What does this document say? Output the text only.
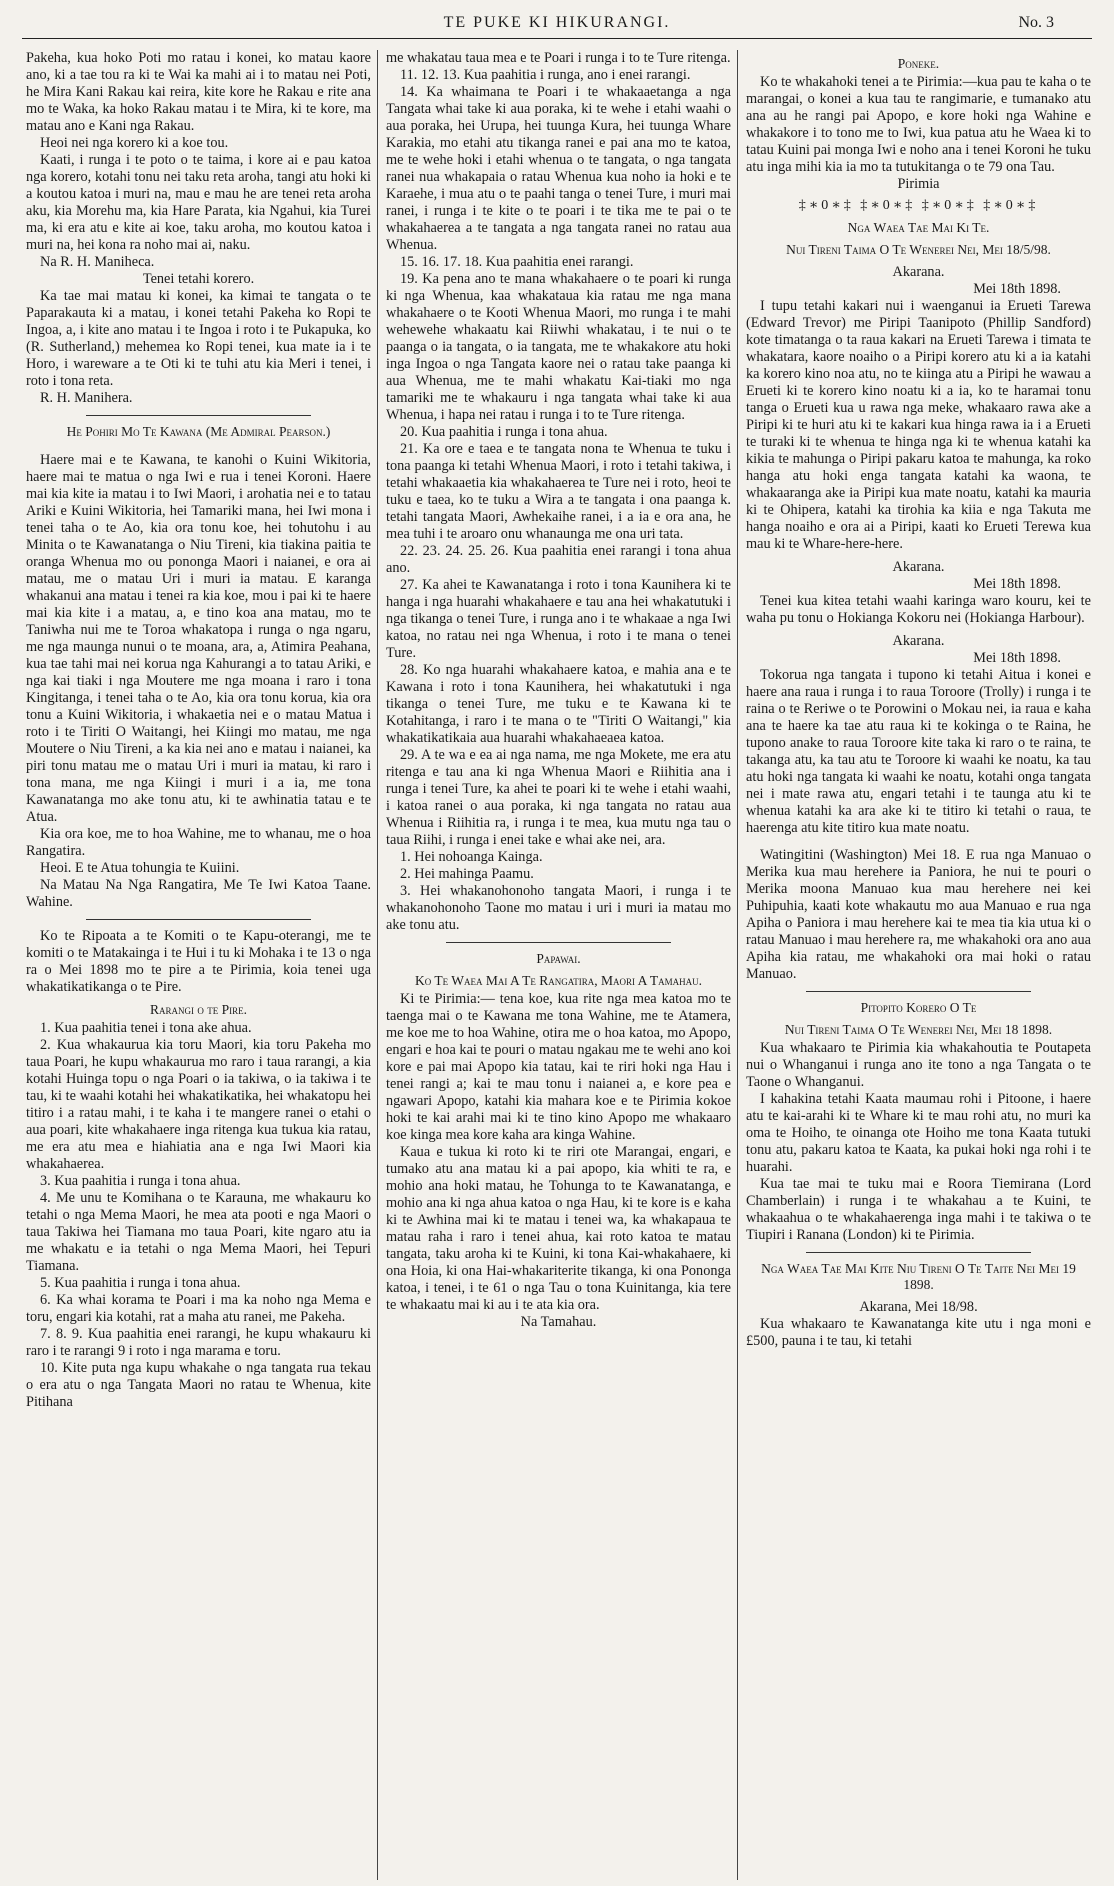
TE PUKE KI HIKURANGI.	No. 3

Pakeha, kua hoko Poti mo ratau i konei, ko matau kaore ano, ki a tae tou ra ki te Wai ka mahi ai i to matau nei Poti, he Mira Kani Rakau kai reira, kite kore he Rakau e rite ana mo te Waka, ka hoko Rakau matau i te Mira, ki te kore, ma matau ano e Kani nga Rakau.

Heoi nei nga korero ki a koe tou.

Kaati, i runga i te poto o te taima, i kore ai e pau katoa nga korero, kotahi tonu nei taku reta aroha, tangi atu hoki ki a koutou katoa i muri na, mau e mau he are tenei reta aroha aku, kia Morehu ma, kia Hare Parata, kia Ngahui, kia Turei ma, ki era atu e kite ai koe, taku aroha, mo koutou katoa i muri na, hei kona ra noho mai ai, naku.

Na R. H. Maniheca.

Tenei tetahi korero.

Ka tae mai matau ki konei, ka kimai te tangata o te Paparakauta ki a matau, i konei tetahi Pakeha ko Ropi te Ingoa, a, i kite ano matau i te Ingoa i roto i te Pukapuka, ko (R. Sutherland,) mehemea ko Ropi tenei, kua mate ia i te Horo, i wareware a te Oti ki te tuhi atu kia Meri i tenei, i roto i tona reta.

R. H. Manihera.

He Pohiri Mo Te Kawana (Me Admiral Pearson.)

Haere mai e te Kawana, te kanohi o Kuini Wikitoria, haere mai te matua o nga Iwi e rua i tenei Koroni. Haere mai kia kite ia matau i to Iwi Maori, i arohatia nei e to tatau Ariki e Kuini Wikitoria, hei Tamariki mana, hei Iwi mona i tenei taha o te Ao, kia ora tonu koe, hei tohutohu i au Minita o te Kawanatanga o Niu Tireni, kia tiakina paitia te oranga Whenua mo ou pononga Maori i naianei, e ora ai matau, me o matau Uri i muri ia matau. E karanga whakanui ana matau i tenei ra kia koe, mou i pai ki te haere mai kia kite i a matau, a, e tino koa ana matau, mo te Taniwha nui me te Toroa whakatopa i runga o nga ngaru, me nga maunga nunui o te moana, ara, a, Atimira Peahana, kua tae tahi mai nei korua nga Kahurangi a to tatau Ariki, e nga kai tiaki i nga Moutere me nga moana i raro i tona Kingitanga, i tenei taha o te Ao, kia ora tonu korua, kia ora tonu a Kuini Wikitoria, i whakaetia nei e o matau Matua i roto i te Tiriti O Waitangi, hei Kiingi mo matau, me nga Moutere o Niu Tireni, a ka kia nei ano e matau i naianei, ka piri tonu matau me o matau Uri i muri ia matau, ki raro i tona mana, me nga Kiingi i muri i a ia, me tona Kawanatanga mo ake tonu atu, ki te awhinatia tatau e te Atua.

Kia ora koe, me to hoa Wahine, me to whanau, me o hoa Rangatira.

Heoi. E te Atua tohungia te Kuiini.

Na Matau Na Nga Rangatira, Me Te Iwi Katoa Taane. Wahine.

Ko te Ripoata a te Komiti o te Kapu-oterangi, me te komiti o te Matakainga i te Hui i tu ki Mohaka i te 13 o nga ra o Mei 1898 mo te pire a te Pirimia, koia tenei uga whakatikatikanga o te Pire.

Rarangi o te Pire.

1. Kua paahitia tenei i tona ake ahua.

2. Kua whakaurua kia toru Maori, kia toru Pakeha mo taua Poari, he kupu whakaurua mo raro i taua rarangi, a kia kotahi Huinga topu o nga Poari o ia takiwa, o ia takiwa i te tau, ki te waahi kotahi hei whakatikatika, hei whakatopu hei titiro i a ratau mahi, i te kaha i te mangere ranei o etahi o aua poari, kite whakahaere inga ritenga kua tukua kia ratau, me era atu mea e hiahiatia ana e nga Iwi Maori kia whakahaerea.

3. Kua paahitia i runga i tona ahua.

4. Me unu te Komihana o te Karauna, me whakauru ko tetahi o nga Mema Maori, he mea ata pooti e nga Maori o taua Takiwa hei Tiamana mo taua Poari, kite ngaro atu ia me whakatu e ia tetahi o nga Mema Maori, hei Tepuri Tiamana.

5. Kua paahitia i runga i tona ahua.

6. Ka whai korama te Poari i ma ka noho nga Mema e toru, engari kia kotahi, rat a maha atu ranei, me Pakeha.

7. 8. 9. Kua paahitia enei rarangi, he kupu whakauru ki raro i te rarangi 9 i roto i nga marama e toru.

10. Kite puta nga kupu whakahe o nga tangata rua tekau o era atu o nga Tangata Maori no ratau te Whenua, kite Pitihana

me whakatau taua mea e te Poari i runga i to te Ture ritenga.

11. 12. 13. Kua paahitia i runga, ano i enei rarangi.

14. Ka whaimana te Poari i te whakaaetanga a nga Tangata whai take ki aua poraka, ki te wehe i etahi waahi o aua poraka, hei Urupa, hei tuunga Kura, hei tuunga Whare Karakia, mo etahi atu tikanga ranei e pai ana mo te katoa, me te wehe hoki i etahi whenua o te tangata, o nga tangata ranei nua whakapaia o ratau Whenua kua noho ia hoki e te Karaehe, i mua atu o te paahi tanga o tenei Ture, i muri mai ranei, i runga i te kite o te poari i te tika me te pai o te whakahaerea a te tangata a nga tangata ranei no ratau aua Whenua.

15. 16. 17. 18. Kua paahitia enei rarangi.

19. Ka pena ano te mana whakahaere o te poari ki runga ki nga Whenua, kaa whakataua kia ratau me nga mana whakahaere o te Kooti Whenua Maori, mo runga i te mahi wehewehe whakaatu kai Riiwhi whakatau, i te nui o te paanga o ia tangata, o ia tangata, me te whakakore atu hoki inga Ingoa o nga Tangata kaore nei o ratau take paanga ki aua Whenua, me te mahi whakatu Kai-tiaki mo nga tamariki me te whakauru i nga tangata whai take ki aua Whenua, i hapa nei ratau i runga i to te Ture ritenga.

20. Kua paahitia i runga i tona ahua.

21. Ka ore e taea e te tangata nona te Whenua te tuku i tona paanga ki tetahi Whenua Maori, i roto i tetahi takiwa, i tetahi whakaaetia kia whakahaerea te Ture nei i roto, heoi te tuku e taea, ko te tuku a Wira a te tangata i ona paanga k. tetahi tangata Maori, Awhekaihe ranei, i a ia e ora ana, he mea tuhi i te aroaro onu whanaunga me ona uri tata.

22. 23. 24. 25. 26. Kua paahitia enei rarangi i tona ahua ano.

27. Ka ahei te Kawanatanga i roto i tona Kaunihera ki te hanga i nga huarahi whakahaere e tau ana hei whakatutuki i nga tikanga o tenei Ture, i runga ano i te whakaae a nga Iwi katoa, no ratau nei nga Whenua, i roto i te mana o tenei Ture.

28. Ko nga huarahi whakahaere katoa, e mahia ana e te Kawana i roto i tona Kaunihera, hei whakatutuki i nga tikanga o tenei Ture, me tuku e te Kawana ki te Kotahitanga, i raro i te mana o te "Tiriti O Waitangi," kia whakatikatikaia aua huarahi whakahaeaea katoa.

29. A te wa e ea ai nga nama, me nga Mokete, me era atu ritenga e tau ana ki nga Whenua Maori e Riihitia ana i runga i tenei Ture, ka ahei te poari ki te wehe i etahi waahi, i katoa ranei o aua poraka, ki nga tangata no ratau aua Whenua i Riihitia ra, i runga i te mea, kua mutu nga tau o taua Riihi, i runga i enei take e whai ake nei, ara.

1. Hei nohoanga Kainga.

2. Hei mahinga Paamu.

3. Hei whakanohonoho tangata Maori, i runga i te whakanohonoho Taone mo matau i uri i muri ia matau mo ake tonu atu.

Papawai.
Ko Te Waea Mai A Te Rangatira, Maori A Tamahau.

Ki te Pirimia:— tena koe, kua rite nga mea katoa mo te taenga mai o te Kawana me tona Wahine, me te Atamera, me koe me to hoa Wahine, otira me o hoa katoa, mo Apopo, engari e hoa kai te pouri o matau ngakau me te wehi ano koi kore e pai mai Apopo kia tatau, kai te riri hoki nga Hau i tenei rangi a; kai te mau tonu i naianei a, e kore pea e ngawari Apopo, katahi kia mahara koe e te Pirimia kokoe hoki te kai arahi mai ki te tino kino Apopo me whakaaro koe kinga mea kore kaha ara kinga Wahine.

Kaua e tukua ki roto ki te riri ote Marangai, engari, e tumako atu ana matau ki a pai apopo, kia whiti te ra, e mohio ana hoki matau, he Tohunga to te Kawanatanga, e mohio ana ki nga ahua katoa o nga Hau, ki te kore is e kaha ki te Awhina mai ki te matau i tenei wa, ka whakapaua te matau raha i raro i tenei ahua, kai roto katoa te matau tangata, taku aroha ki te Kuini, ki tona Kai-whakahaere, ki ona Hoia, ki ona Hai-whakariterite tikanga, ki ona Pononga katoa, i tenei, i te 61 o nga Tau o tona Kuinitanga, kia tere te whakaatu mai ki au i te ata kia ora.

Na Tamahau.

Poneke.

Ko te whakahoki tenei a te Pirimia:—kua pau te kaha o te marangai, o konei a kua tau te rangimarie, e tumanako atu ana au he rangi pai Apopo, e kore hoki nga Wahine e whakakore i to tono me to Iwi, kua patua atu he Waea ki to tatau Kuini pai monga Iwi e noho ana i tenei Koroni he tuku atu inga mihi kia ia mo ta tutukitanga o te 79 ona Tau.

Pirimia

‡∗0∗‡ ‡∗0∗‡ ‡∗0∗‡ ‡∗0∗‡
Nga Waea Tae Mai Ki Te.
Nui Tireni Taima O Te Wenerei Nei, Mei 18/5/98.
Akarana.
Mei 18th 1898.

I tupu tetahi kakari nui i waenganui ia Erueti Tarewa (Edward Trevor) me Piripi Taanipoto (Phillip Sandford) kote timatanga o ta raua kakari na Erueti Tarewa i timata te whakatara, kaore noaiho o a Piripi korero atu ki a ia katahi ka korero kino noa atu, no te kiinga atu a Piripi he wawau a Erueti ki te korero kino noatu ki a ia, ko te haramai tonu tanga o Erueti kua u rawa nga meke, whakaaro rawa ake a Piripi ki te huri atu ki te kakari kua hinga rawa ia i a Erueti te turaki ki te whenua te hinga nga ki te whenua katahi ka kikia te mahunga o Piripi pakaru katoa te mahunga, ka roko hanga atu hoki enga tangata katahi ka waona, te whakaaranga ake ia Piripi kua mate noatu, katahi ka mauria ki te Ohipera, katahi ka tirohia ka kiia e nga Takuta me hanga noaiho e ora ai a Piripi, kaati ko Erueti Terewa kua mau ki te Whare-here-here.

Akarana.
Mei 18th 1898.

Tenei kua kitea tetahi waahi karinga waro kouru, kei te waha pu tonu o Hokianga Kokoru nei (Hokianga Harbour).

Akarana.
Mei 18th 1898.

Tokorua nga tangata i tupono ki tetahi Aitua i konei e haere ana raua i runga i to raua Toroore (Trolly) i runga i te raina o te Reriwe o te Porowini o Mokau nei, ia raua e kaha ana te haere ka tae atu raua ki te kokinga o te Raina, he tupono anake to raua Toroore kite taka ki raro o te raina, te takanga atu, ka tau atu te Toroore ki waahi ke noatu, ka tau atu hoki nga tangata ki waahi ke noatu, kotahi onga tangata nei i mate rawa atu, engari tetahi i te taunga atu ki te whenua katahi ka ara ake ki te titiro ki tetahi o raua, te haerenga atu kite titiro kua mate noatu.

Watingitini (Washington) Mei 18. E rua nga Manuao o Merika kua mau herehere ia Paniora, he nui te pouri o Merika moona Manuao kua mau herehere nei kei Puhipuhia, kaati kote whakautu mo aua Manuao e rua nga Apiha o Paniora i mau herehere kai te mea tia kia utua ki o ratau Manuao i mau herehere ra, me whakahoki ora ano aua Apiha kia ratau, me whakahoki ora mai hoki o ratau Manuao.

Pitopito Korero O Te
Nui Tireni Taima O Te Wenerei Nei, Mei 18 1898.

Kua whakaaro te Pirimia kia whakahoutia te Poutapeta nui o Whanganui i runga ano ite tono a nga Tangata o te Taone o Whanganui.

I kahakina tetahi Kaata maumau rohi i Pitoone, i haere atu te kai-arahi ki te Whare ki te mau rohi atu, no muri ka oma te Hoiho, te oinanga ote Hoiho me tona Kaata tutuki tonu atu, pakaru katoa te Kaata, ka pukai hoki nga rohi i te huarahi.

Kua tae mai te tuku mai e Roora Tiemirana (Lord Chamberlain) i runga i te whakahau a te Kuini, te whakaahua o te whakahaerenga inga mahi i te takiwa o te Tiupiri i Ranana (London) ki te Pirimia.

Nga Waea Tae Mai Kite Niu Tireni O Te Taite Nei Mei 19 1898.
Akarana, Mei 18/98.

Kua whakaaro te Kawanatanga kite utu i nga moni e £500, pauna i te tau, ki tetahi
